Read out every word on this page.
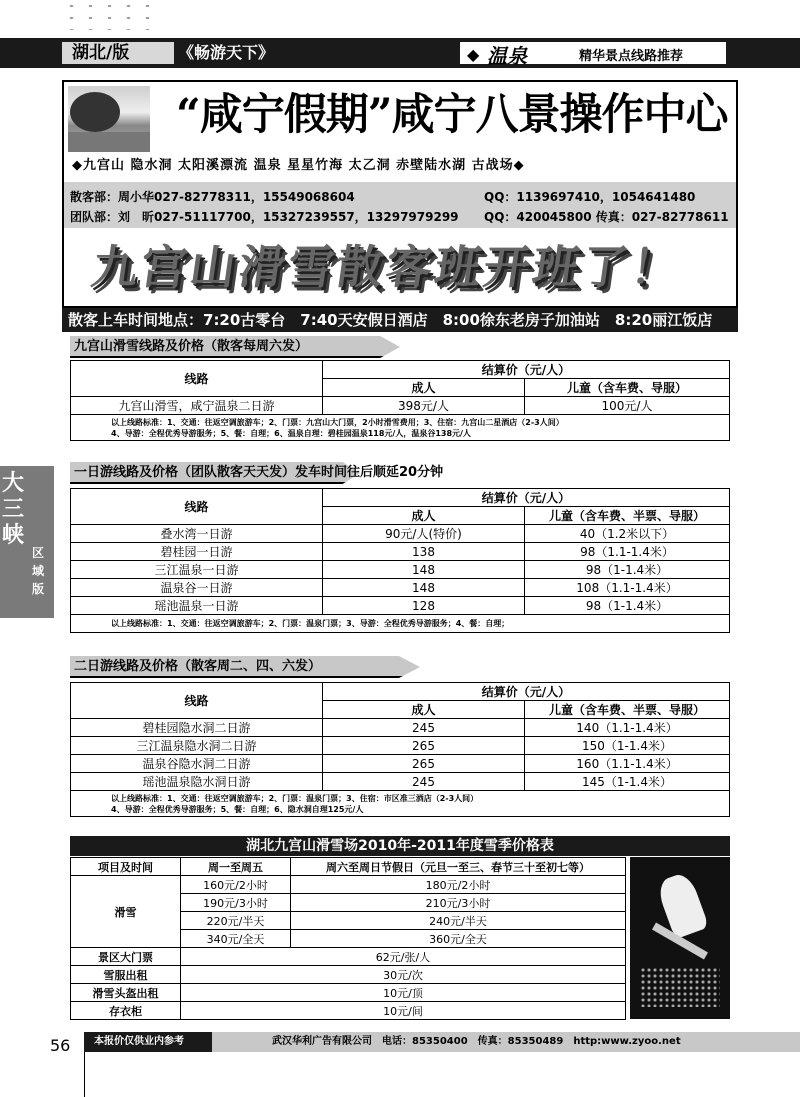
湖北/版	《畅游天下》	◆ 温泉	精华景点线路推荐
“咸宁假期”咸宁八景操作中心
◆九宫山 隐水洞 太阳溪漂流 温泉 星星竹海 太乙洞 赤壁陆水湖 古战场◆
散客部：周小华027-82778311，15549068604	QQ：1139697410，1054641480
团队部：刘　昕027-51117700，15327239557，13297979299 QQ：420045800 传真：027-82778611
九宫山滑雪散客班开班了！
散客上车时间地点：7:20古零台　7:40天安假日酒店　8:00徐东老房子加油站　8:20丽江饭店
九宫山滑雪线路及价格（散客每周六发）
线路	结算价（元/人）	
	成人	儿童（含车费、导服）
九宫山滑雪，咸宁温泉二日游	398元/人	100元/人

以上线路标准：1、交通：往返空调旅游车；2、门票：九宫山大门票，2小时滑雪费用；3、住宿：九宫山二星酒店（2-3人间）
4、导游：全程优秀导游服务；5、餐：自理；6、温泉自理：碧桂园温泉118元/人，温泉谷138元/人		
一日游线路及价格（团队散客天天发）发车时间往后顺延20分钟
线路	结算价（元/人）	
	成人	儿童（含车费、半票、导服）
叠水湾一日游	90元/人(特价)	40（1.2米以下）
碧桂园一日游	138	98（1.1-1.4米）
三江温泉一日游	148	98（1-1.4米）
温泉谷一日游	148	108（1.1-1.4米）
瑶池温泉一日游	128	98（1-1.4米）

以上线路标准：1、交通：往返空调旅游车；2、门票：温泉门票；3、导游：全程优秀导游服务；4、餐：自理；		
二日游线路及价格（散客周二、四、六发）
线路	结算价（元/人）	
	成人	儿童（含车费、半票、导服）
碧桂园隐水洞二日游	245	140（1.1-1.4米）
三江温泉隐水洞二日游	265	150（1-1.4米）
温泉谷隐水洞二日游	265	160（1.1-1.4米）
瑶池温泉隐水洞日游	245	145（1-1.4米）

以上线路标准：1、交通：往返空调旅游车；2、门票：温泉门票；3、住宿：市区准三酒店（2-3人间）
4、导游：全程优秀导游服务；5、餐：自理；6、隐水洞自理125元/人		
大三峡
区域版
湖北九宫山滑雪场2010年-2011年度雪季价格表
项目及时间	周一至周五	周六至周日节假日（元旦一至三、春节三十至初七等）
滑雪	160元/2小时	180元/2小时
	190元/3小时	210元/3小时
	220元/半天	240元/半天
	340元/全天	360元/全天
景区大门票	62元/张/人	
雪服出租	30元/次	
滑雪头盔出租	10元/顶	
存衣柜	10元/间	
56	本报价仅供业内参考	武汉华利广告有限公司　电话：85350400　传真：85350489　http:www.zyoo.net
